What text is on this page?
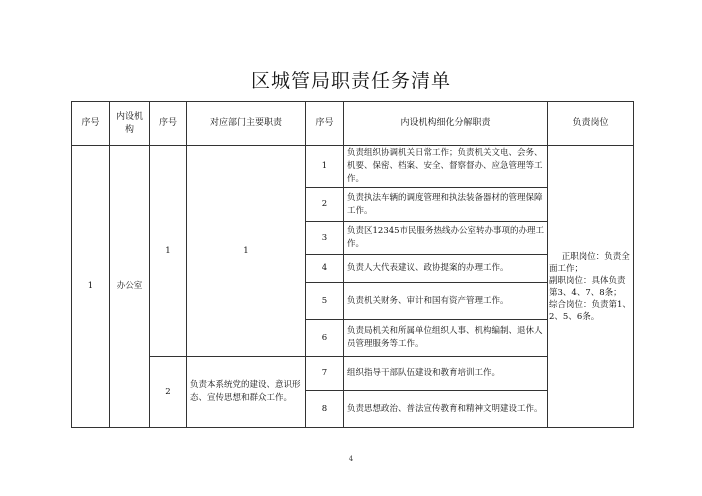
区城管局职责任务清单
序号	内设机构	序号	对应部门主要职责	序号	内设机构细化分解职责	负责岗位
1	办公室	1	1	1	负责组织协调机关日常工作；负责机关文电、会务、机要、保密、档案、安全、督察督办、应急管理等工作。	正职岗位：负责全面工作；
副职岗位：具体负责第3、4、7、8条；
综合岗位：负责第1、2、5、6条。

				2	负责执法车辆的调度管理和执法装备器材的管理保障工作。	
				3	负责区12345市民服务热线办公室转办事项的办理工作。	
				4	负责人大代表建议、政协提案的办理工作。	
				5	负责机关财务、审计和国有资产管理工作。	
				6	负责局机关和所属单位组织人事、机构编制、退休人员管理服务等工作。	
		2	负责本系统党的建设、意识形态、宣传思想和群众工作。	7	组织指导干部队伍建设和教育培训工作。	
				8	负责思想政治、普法宣传教育和精神文明建设工作。	
4
